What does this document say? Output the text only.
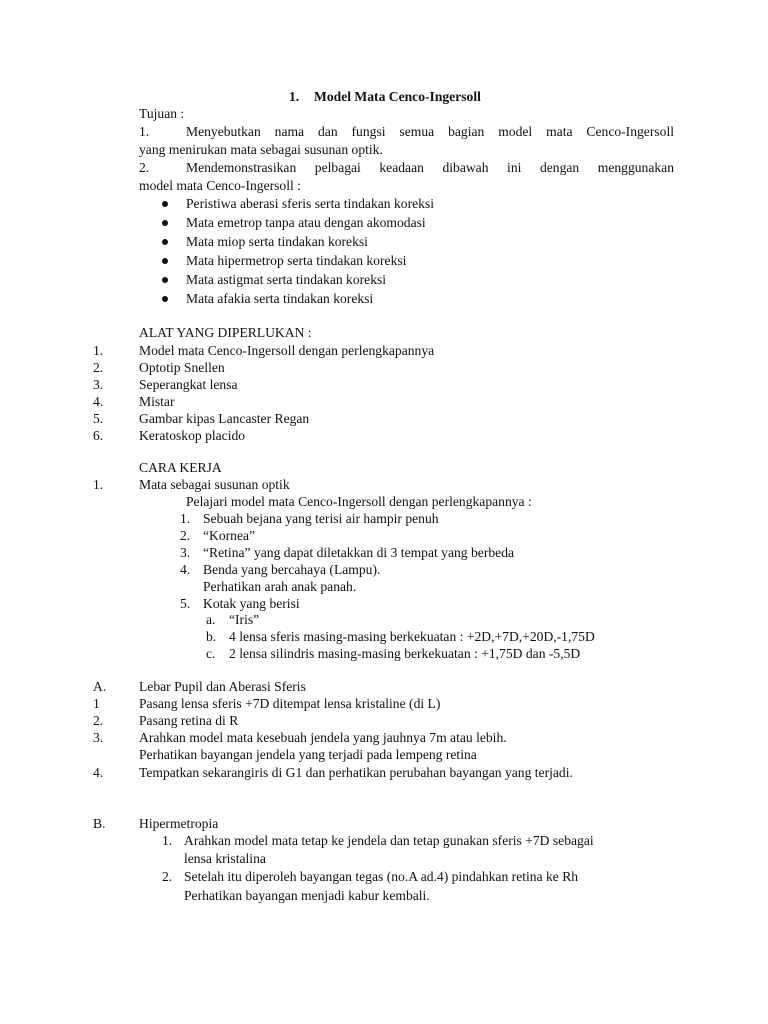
1. Model Mata Cenco-Ingersoll
Tujuan :
1.	Menyebutkan nama dan fungsi semua bagian model mata Cenco-Ingersoll
yang menirukan mata sebagai susunan optik.
2.	Mendemonstrasikan pelbagai keadaan dibawah ini dengan menggunakan
model mata Cenco-Ingersoll :
Peristiwa aberasi sferis serta tindakan koreksi
Mata emetrop tanpa atau dengan akomodasi
Mata miop serta tindakan koreksi
Mata hipermetrop serta tindakan koreksi
Mata astigmat serta tindakan koreksi
Mata afakia serta tindakan koreksi
ALAT YANG DIPERLUKAN :
1.	Model mata Cenco-Ingersoll dengan perlengkapannya
2.	Optotip Snellen
3.	Seperangkat lensa
4.	Mistar
5.	Gambar kipas Lancaster Regan
6.	Keratoskop placido
CARA KERJA
1.	Mata sebagai susunan optik
Pelajari model mata Cenco-Ingersoll dengan perlengkapannya :
1. Sebuah bejana yang terisi air hampir penuh
2. “Kornea”
3. “Retina” yang dapat diletakkan di 3 tempat yang berbeda
4. Benda yang bercahaya (Lampu).
Perhatikan arah anak panah.
5. Kotak yang berisi
a. “Iris”
b. 4 lensa sferis masing-masing berkekuatan : +2D,+7D,+20D,-1,75D
c. 2 lensa silindris masing-masing berkekuatan : +1,75D dan -5,5D
A. Lebar Pupil dan Aberasi Sferis
1	Pasang lensa sferis +7D ditempat lensa kristaline (di L)
2.	Pasang retina di R
3.	Arahkan model mata kesebuah jendela yang jauhnya 7m atau lebih.
Perhatikan bayangan jendela yang terjadi pada lempeng retina
4.	Tempatkan sekarangiris di G1 dan perhatikan perubahan bayangan yang terjadi.
B. Hipermetropia
1. Arahkan model mata tetap ke jendela dan tetap gunakan sferis +7D sebagai
lensa kristalina
2. Setelah itu diperoleh bayangan tegas (no.A ad.4) pindahkan retina ke Rh
Perhatikan bayangan menjadi kabur kembali.
